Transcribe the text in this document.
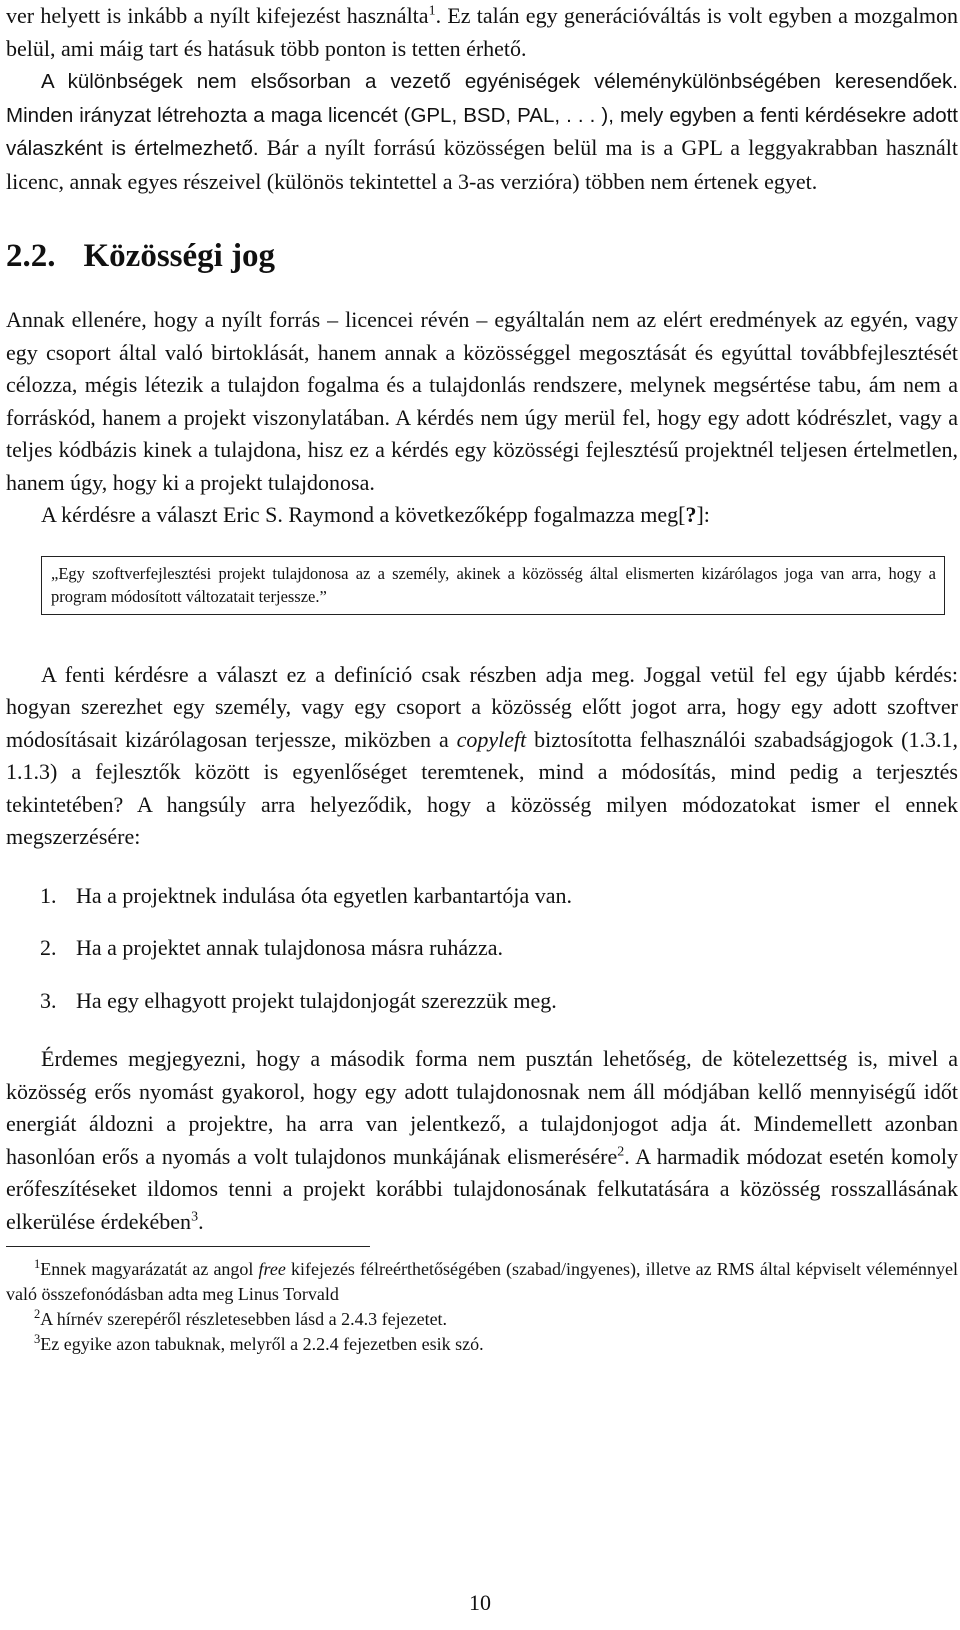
ver helyett is inkább a nyílt kifejezést használta$^1$. Ez talán egy generációváltás is volt egyben a mozgalmon belül, ami máig tart és hatásuk több ponton is tetten érhető.

A különbségek nem elsősorban a vezető egyéniségek véleménykülönbségében keresendőek. Minden irányzat létrehozta a maga licencét (GPL, BSD, PAL, . . . ), mely egyben a fenti kérdésekre adott válaszként is értelmezhető. Bár a nyílt forrású közösségen belül ma is a GPL a leggyakrabban használt licenc, annak egyes részeivel (különös tekintettel a 3-as verzióra) többen nem értenek egyet.

2.2. Közösségi jog

Annak ellenére, hogy a nyílt forrás – licencei révén – egyáltalán nem az elért eredmények az egyén, vagy egy csoport által való birtoklását, hanem annak a közösséggel megosztását és egyúttal továbbfejlesztését célozza, mégis létezik a tulajdon fogalma és a tulajdonlás rendszere, melynek megsértése tabu, ám nem a forráskód, hanem a projekt viszonylatában. A kérdés nem úgy merül fel, hogy egy adott kódrészlet, vagy a teljes kódbázis kinek a tulajdona, hisz ez a kérdés egy közösségi fejlesztésű projektnél teljesen értelmetlen, hanem úgy, hogy ki a projekt tulajdonosa.

A kérdésre a választ Eric S. Raymond a következőképp fogalmazza meg[?]:

„Egy szoftverfejlesztési projekt tulajdonosa az a személy, akinek a közösség által elismerten kizárólagos joga van arra, hogy a program módosított változatait terjessze.”

A fenti kérdésre a választ ez a definíció csak részben adja meg. Joggal vetül fel egy újabb kérdés: hogyan szerezhet egy személy, vagy egy csoport a közösség előtt jogot arra, hogy egy adott szoftver módosításait kizárólagosan terjessze, miközben a copyleft biztosította felhasználói szabadságjogok (1.3.1, 1.1.3) a fejlesztők között is egyenlőséget teremtenek, mind a módosítás, mind pedig a terjesztés tekintetében? A hangsúly arra helyeződik, hogy a közösség milyen módozatokat ismer el ennek megszerzésére:

1. Ha a projektnek indulása óta egyetlen karbantartója van.
2. Ha a projektet annak tulajdonosa másra ruházza.
3. Ha egy elhagyott projekt tulajdonjogát szerezzük meg.

Érdemes megjegyezni, hogy a második forma nem pusztán lehetőség, de kötelezettség is, mivel a közösség erős nyomást gyakorol, hogy egy adott tulajdonosnak nem áll módjában kellő mennyiségű időt energiát áldozni a projektre, ha arra van jelentkező, a tulajdonjogot adja át. Mindemellett azonban hasonlóan erős a nyomás a volt tulajdonos munkájának elismerésére$^2$. A harmadik módozat esetén komoly erőfeszítéseket ildomos tenni a projekt korábbi tulajdonosának felkutatására a közösség rosszallásának elkerülése érdekében$^3$.

$^1$Ennek magyarázatát az angol free kifejezés félreérthetőségében (szabad/ingyenes), illetve az RMS által képviselt véleménnyel való összefonódásban adta meg Linus Torvald

$^2$A hírnév szerepéről részletesebben lásd a 2.4.3 fejezetet.

$^3$Ez egyike azon tabuknak, melyről a 2.2.4 fejezetben esik szó.

10
